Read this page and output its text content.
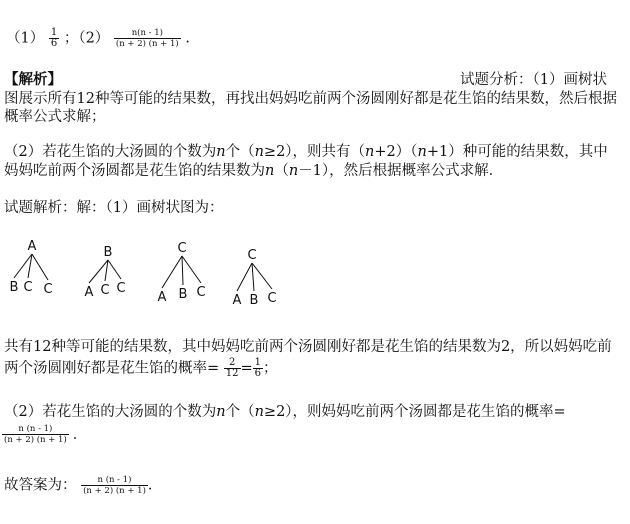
$(1) \frac{1}{6}$ ；$(2) \frac{n(n - 1)}{(n + 2) (n + 1)}$ .
【解析】	试题分析：（1）画树状
图展示所有12种等可能的结果数，再找出妈妈吃前两个汤圆刚好都是花生馅的结果数，然后根据
概率公式求解；
（2）若花生馅的大汤圆的个数为n个（n≥2），则共有（n+2）（n+1）种可能的结果数，其中
妈妈吃前两个汤圆都是花生馅的结果数为n（n－1），然后根据概率公式求解．
试题解析：解：（1）画树状图为：
A
B C C
B
A C C
C
A B C
C
A B C
共有12种等可能的结果数，其中妈妈吃前两个汤圆刚好都是花生馅的结果数为2，所以妈妈吃前
两个汤圆刚好都是花生馅的概率= $\frac{2}{12} = \frac{1}{6}$ ；
（2）若花生馅的大汤圆的个数为n个（n≥2），则妈妈吃前两个汤圆都是花生馅的概率=
$\frac{n (n - 1)}{(n + 2) (n + 1)}$ ．
故答案为： $\frac{n (n - 1)}{(n + 2) (n + 1)}$ ．
